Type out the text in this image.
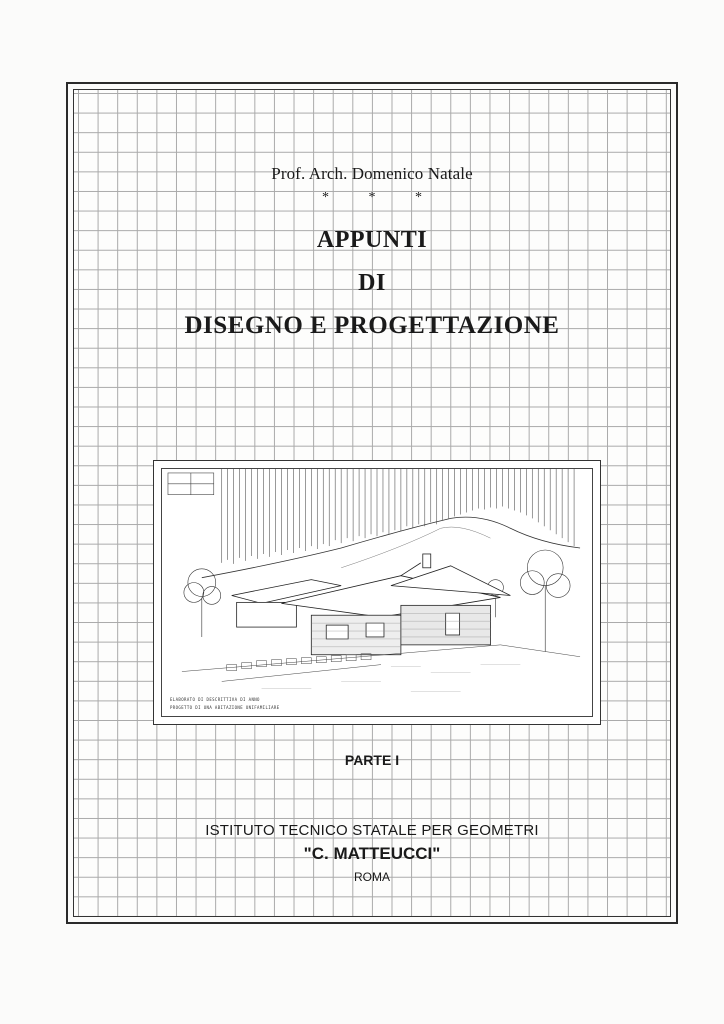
Prof. Arch. Domenico Natale
* * *
APPUNTI
DI
DISEGNO E PROGETTAZIONE
ELABORATO DI DESCRITTIVA DI ANNO
PROGETTO DI UNA ABITAZIONE UNIFAMILIARE
PARTE I
ISTITUTO TECNICO STATALE PER GEOMETRI
"C. MATTEUCCI"
ROMA
